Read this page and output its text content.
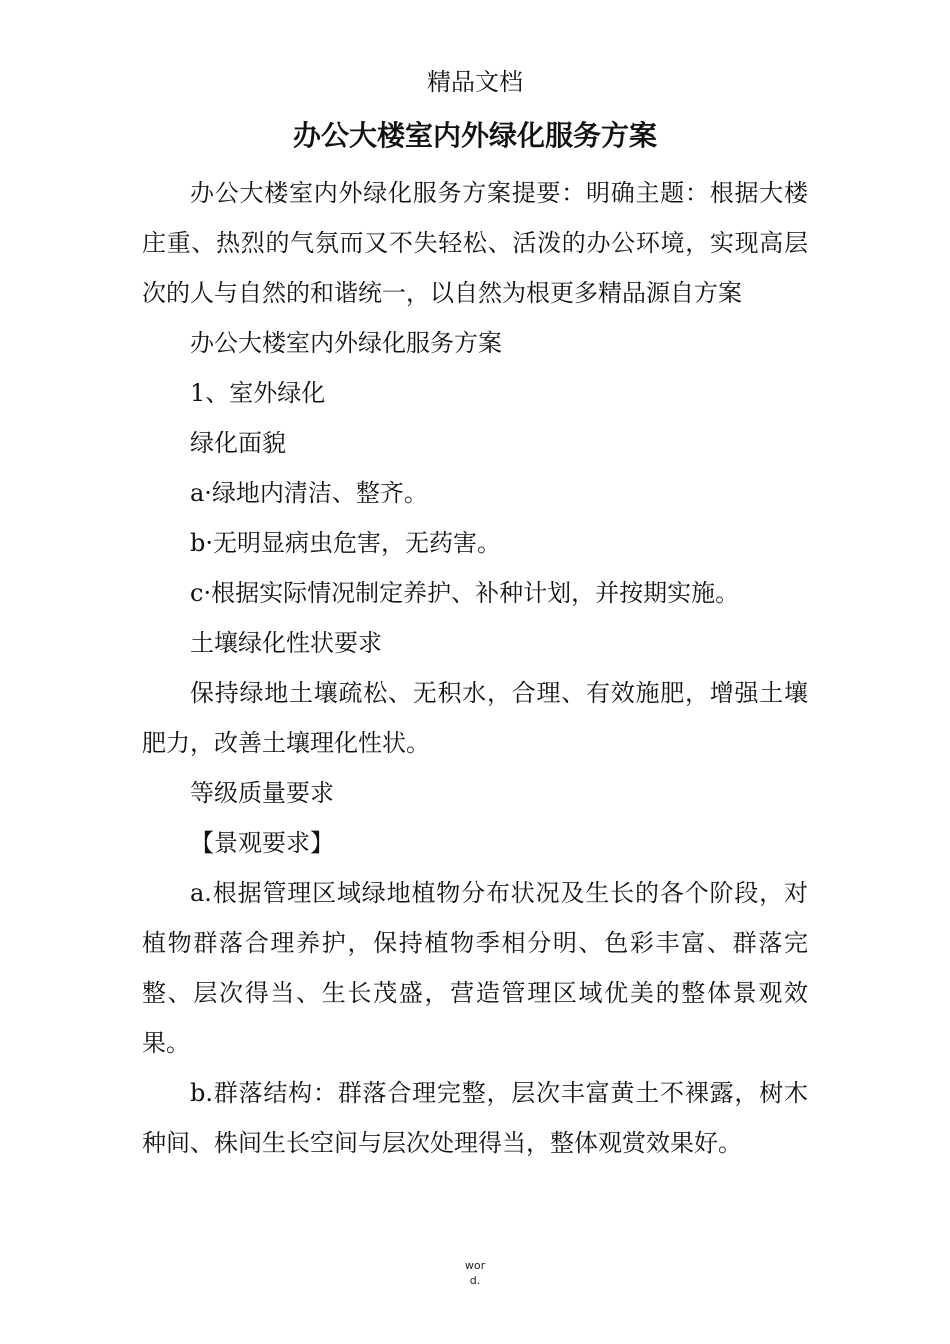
精品文档
办公大楼室内外绿化服务方案

办公大楼室内外绿化服务方案提要：明确主题：根据大楼庄重、热烈的气氛而又不失轻松、活泼的办公环境，实现高层次的人与自然的和谐统一，以自然为根更多精品源自方案

办公大楼室内外绿化服务方案

1、室外绿化

绿化面貌

a·绿地内清洁、整齐。

b·无明显病虫危害，无药害。

c·根据实际情况制定养护、补种计划，并按期实施。

土壤绿化性状要求

保持绿地土壤疏松、无积水，合理、有效施肥，增强土壤肥力，改善土壤理化性状。

等级质量要求

【景观要求】

a.根据管理区域绿地植物分布状况及生长的各个阶段，对植物群落合理养护，保持植物季相分明、色彩丰富、群落完整、层次得当、生长茂盛，营造管理区域优美的整体景观效果。

b.群落结构：群落合理完整，层次丰富黄土不裸露，树木种间、株间生长空间与层次处理得当，整体观赏效果好。

wor
d.
